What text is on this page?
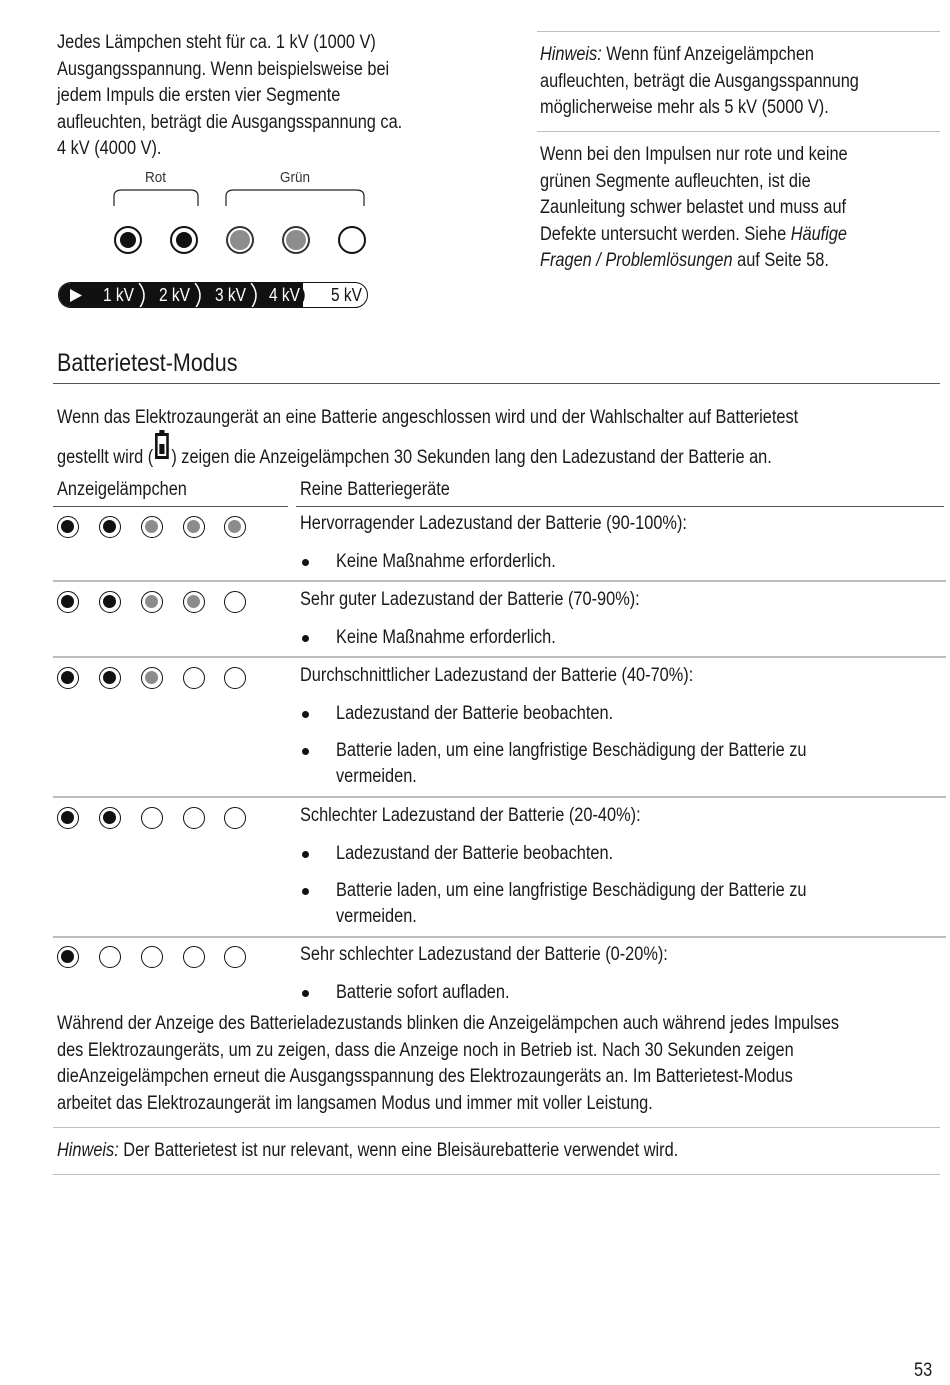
Jedes Lämpchen steht für ca. 1 kV (1000 V)

Ausgangsspannung. Wenn beispielsweise bei

jedem Impuls die ersten vier Segmente

aufleuchten, beträgt die Ausgangsspannung ca.

4 kV (4000 V).

Rot	Grün
1 kV 2 kV 3 kV 4 kV 5 kV

Hinweis: Wenn fünf Anzeigelämpchen

aufleuchten, beträgt die Ausgangsspannung

möglicherweise mehr als 5 kV (5000 V).

Wenn bei den Impulsen nur rote und keine

grünen Segmente aufleuchten, ist die

Zaunleitung schwer belastet und muss auf

Defekte untersucht werden. Siehe Häufige

Fragen / Problemlösungen auf Seite 58.

Batterietest-Modus
Wenn das Elektrozaungerät an eine Batterie angeschlossen wird und der Wahlschalter auf Batterietest
gestellt wird ( ) zeigen die Anzeigelämpchen 30 Sekunden lang den Ladezustand der Batterie an.
Anzeigelämpchen	Reine Batteriegeräte
Hervorragender Ladezustand der Batterie (90-100%):
Keine Maßnahme erforderlich.
Sehr guter Ladezustand der Batterie (70-90%):
Keine Maßnahme erforderlich.
Durchschnittlicher Ladezustand der Batterie (40-70%):
Ladezustand der Batterie beobachten.
Batterie laden, um eine langfristige Beschädigung der Batterie zu
vermeiden.
Schlechter Ladezustand der Batterie (20-40%):
Ladezustand der Batterie beobachten.
Batterie laden, um eine langfristige Beschädigung der Batterie zu
vermeiden.
Sehr schlechter Ladezustand der Batterie (0-20%):
Batterie sofort aufladen.

Während der Anzeige des Batterieladezustands blinken die Anzeigelämpchen auch während jedes Impulses

des Elektrozaungeräts, um zu zeigen, dass die Anzeige noch in Betrieb ist. Nach 30 Sekunden zeigen

dieAnzeigelämpchen erneut die Ausgangsspannung des Elektrozaungeräts an. Im Batterietest-Modus

arbeitet das Elektrozaungerät im langsamen Modus und immer mit voller Leistung.

Hinweis: Der Batterietest ist nur relevant, wenn eine Bleisäurebatterie verwendet wird.
53
